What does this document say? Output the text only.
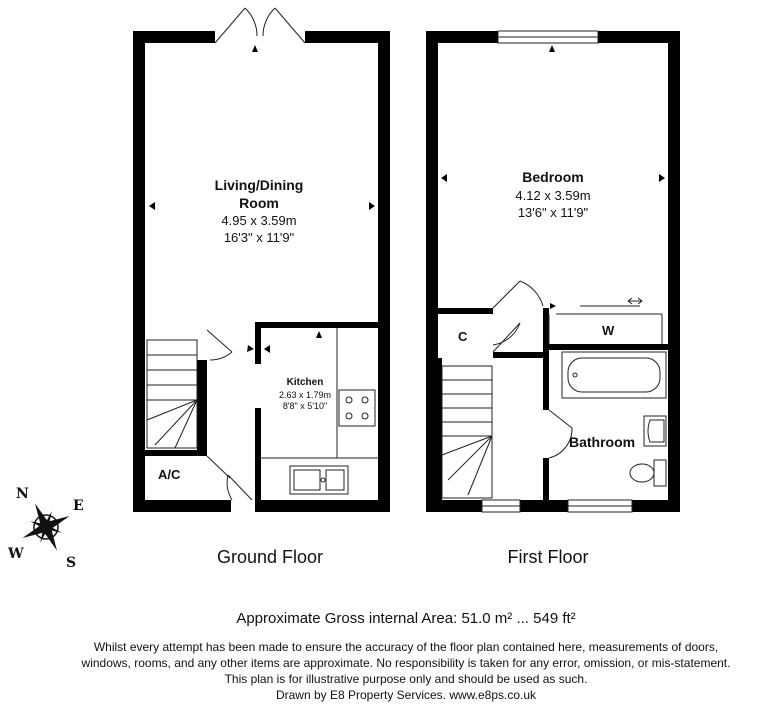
Living/Dining
Room
4.95 x 3.59m
16'3" x 11'9"
Kitchen
2.63 x 1.79m
8'8" x 5'10"
A/C
Bedroom
4.12 x 3.59m
13'6" x 11'9"
C	W
Bathroom
Ground Floor	First Floor
N
E
W
S
Approximate Gross internal Area: 51.0 m² ... 549 ft²
Whilst every attempt has been made to ensure the accuracy of the floor plan contained here, measurements of doors,
windows, rooms, and any other items are approximate. No responsibility is taken for any error, omission, or mis-statement.
This plan is for illustrative purpose only and should be used as such.
Drawn by E8 Property Services. www.e8ps.co.uk
